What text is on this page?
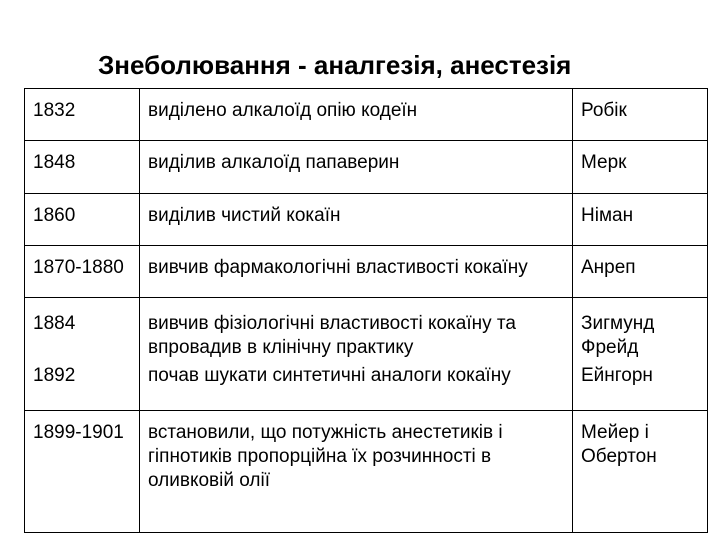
Знеболювання - аналгезія, анестезія
1832	виділено алкалоїд опію кодеїн	Робік
1848	виділив алкалоїд папаверин	Мерк
1860	виділив чистий кокаїн	Німан
1870-1880	вивчив фармакологічні властивості кокаїну	Анреп
1884	вивчив фізіологічні властивості кокаїну та впровадив в клінічну практику	Зигмунд Фрейд
1892	почав шукати синтетичні аналоги кокаїну	Ейнгорн
1899-1901	встановили, що потужність анестетиків і гіпнотиків пропорційна їх розчинності в оливковій олії	Мейер і Обертон
